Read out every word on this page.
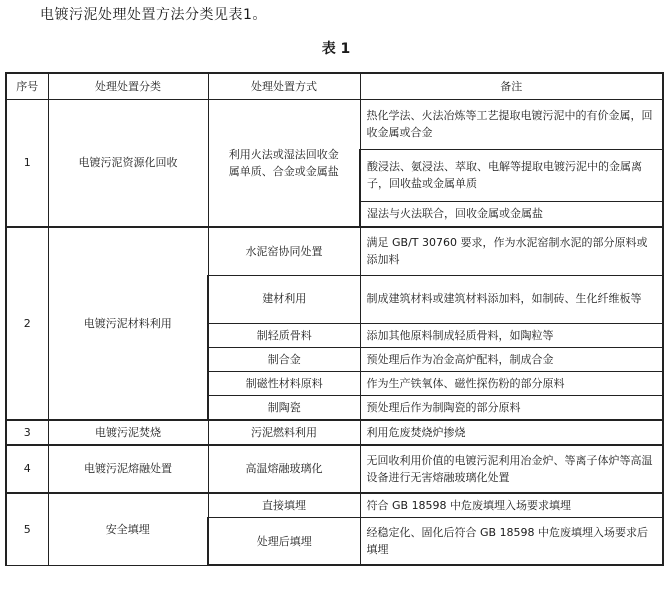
电镀污泥处理处置方法分类见表1。
表 1
序号	处理处置分类	处理处置方式	备注
1	电镀污泥资源化回收	利用火法或湿法回收金属单质、合金或金属盐	热化学法、火法冶炼等工艺提取电镀污泥中的有价金属，回收金属或合金
			酸浸法、氨浸法、萃取、电解等提取电镀污泥中的金属离子，回收盐或金属单质
			湿法与火法联合，回收金属或金属盐
2	电镀污泥材料利用	水泥窑协同处置	满足 GB/T 30760 要求，作为水泥窑制水泥的部分原料或添加料
		建材利用	制成建筑材料或建筑材料添加料，如制砖、生化纤维板等
		制轻质骨料	添加其他原料制成轻质骨料，如陶粒等
		制合金	预处理后作为冶金高炉配料，制成合金
		制磁性材料原料	作为生产铁氧体、磁性探伤粉的部分原料
		制陶瓷	预处理后作为制陶瓷的部分原料
3	电镀污泥焚烧	污泥燃料利用	利用危废焚烧炉掺烧
4	电镀污泥熔融处置	高温熔融玻璃化	无回收利用价值的电镀污泥利用冶金炉、等离子体炉等高温设备进行无害熔融玻璃化处置
5	安全填埋	直接填埋	符合 GB 18598 中危废填埋入场要求填埋
		处理后填埋	经稳定化、固化后符合 GB 18598 中危废填埋入场要求后填埋
